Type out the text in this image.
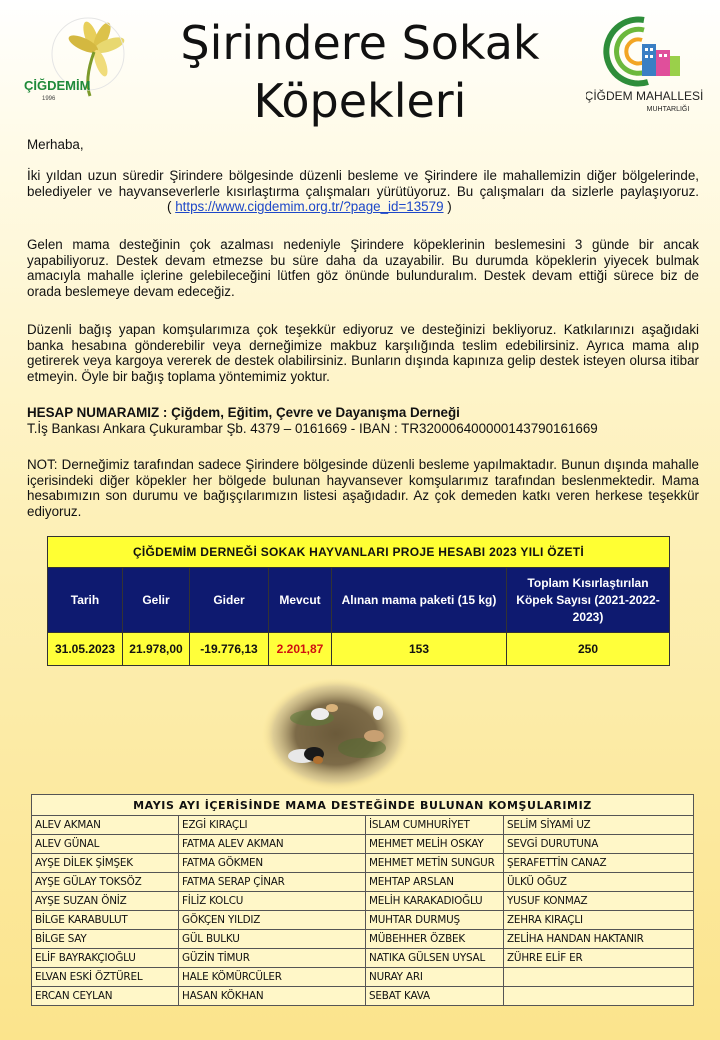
ÇİĞDEMİM
1996
Şirindere Sokak
Köpekleri	ÇİĞDEM MAHALLESİ
MUHTARLIĞI
Merhaba,
İki yıldan uzun süredir Şirindere bölgesinde düzenli besleme ve Şirindere ile mahallemizin diğer bölgelerinde, belediyeler ve hayvanseverlerle kısırlaştırma çalışmaları yürütüyoruz. Bu çalışmaları da sizlerle paylaşıyoruz. ( https://www.cigdemim.org.tr/?page_id=13579 )
Gelen mama desteğinin çok azalması nedeniyle Şirindere köpeklerinin beslemesini 3 günde bir ancak yapabiliyoruz. Destek devam etmezse bu süre daha da uzayabilir. Bu durumda köpeklerin yiyecek bulmak amacıyla mahalle içlerine gelebileceğini lütfen göz önünde bulunduralım. Destek devam ettiği sürece biz de orada beslemeye devam edeceğiz.
Düzenli bağış yapan komşularımıza çok teşekkür ediyoruz ve desteğinizi bekliyoruz. Katkılarınızı aşağıdaki banka hesabına gönderebilir veya derneğimize makbuz karşılığında teslim edebilirsiniz. Ayrıca mama alıp getirerek veya kargoya vererek de destek olabilirsiniz. Bunların dışında kapınıza gelip destek isteyen olursa itibar etmeyin. Öyle bir bağış toplama yöntemimiz yoktur.
HESAP NUMARAMIZ : Çiğdem, Eğitim, Çevre ve Dayanışma Derneği
T.İş Bankası Ankara Çukurambar Şb. 4379 – 0161669 - IBAN : TR320006400000143790161669
NOT: Derneğimiz tarafından sadece Şirindere bölgesinde düzenli besleme yapılmaktadır. Bunun dışında mahalle içerisindeki diğer köpekler her bölgede bulunan hayvansever komşularımız tarafından beslenmektedir. Mama hesabımızın son durumu ve bağışçılarımızın listesi aşağıdadır. Az çok demeden katkı veren herkese teşekkür ediyoruz.
ÇİĞDEMİM DERNEĞİ SOKAK HAYVANLARI PROJE HESABI 2023 YILI ÖZETİ					
Tarih	Gelir	Gider	Mevcut	Alınan mama paketi (15 kg)	Toplam Kısırlaştırılan Köpek Sayısı (2021-2022-2023)
31.05.2023	21.978,00	-19.776,13	2.201,87	153	250
MAYIS AYI İÇERİSİNDE MAMA DESTEĞİNDE BULUNAN KOMŞULARIMIZ			
ALEV AKMAN	EZGİ KIRAÇLI	İSLAM CUMHURİYET	SELİM SİYAMİ UZ
ALEV GÜNAL	FATMA ALEV AKMAN	MEHMET MELİH OSKAY	SEVGİ DURUTUNA
AYŞE DİLEK ŞİMŞEK	FATMA GÖKMEN	MEHMET METİN SUNGUR	ŞERAFETTİN CANAZ
AYŞE GÜLAY TOKSÖZ	FATMA SERAP ÇİNAR	MEHTAP ARSLAN	ÜLKÜ OĞUZ
AYŞE SUZAN ÖNİZ	FİLİZ KOLCU	MELİH KARAKADIOĞLU	YUSUF KONMAZ
BİLGE KARABULUT	GÖKÇEN YILDIZ	MUHTAR DURMUŞ	ZEHRA KIRAÇLI
BİLGE SAY	GÜL BULKU	MÜBEHHER ÖZBEK	ZELİHA HANDAN HAKTANIR
ELİF BAYRAKÇIOĞLU	GÜZİN TİMUR	NATIKA GÜLSEN UYSAL	ZÜHRE ELİF ER
ELVAN ESKİ ÖZTÜREL	HALE KÖMÜRCÜLER	NURAY ARI	
ERCAN CEYLAN	HASAN KÖKHAN	SEBAT KAVA	
